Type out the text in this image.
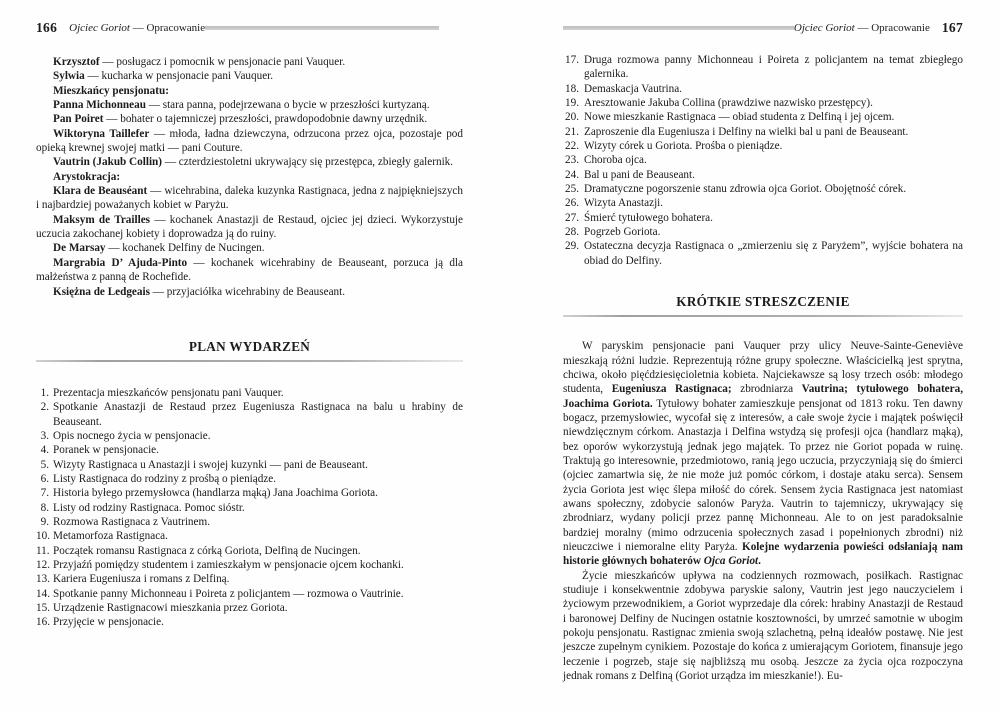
166 Ojciec Goriot — Opracowanie

Krzysztof — posługacz i pomocnik w pensjonacie pani Vauquer.

Sylwia — kucharka w pensjonacie pani Vauquer.

Mieszkańcy pensjonatu:

Panna Michonneau — stara panna, podejrzewana o bycie w przeszłości kurtyzaną.

Pan Poiret — bohater o tajemniczej przeszłości, prawdopodobnie dawny urzędnik.

Wiktoryna Taillefer — młoda, ładna dziewczyna, odrzucona przez ojca, pozostaje pod opieką krewnej swojej matki — pani Couture.

Vautrin (Jakub Collin) — czterdziestoletni ukrywający się przestępca, zbiegły galernik.

Arystokracja:

Klara de Beauséant — wicehrabina, daleka kuzynka Rastignaca, jedna z najpiękniejszych i najbardziej poważanych kobiet w Paryżu.

Maksym de Trailles — kochanek Anastazji de Restaud, ojciec jej dzieci. Wykorzystuje uczucia zakochanej kobiety i doprowadza ją do ruiny.

De Marsay — kochanek Delfiny de Nucingen.

Margrabia D’ Ajuda-Pinto — kochanek wicehrabiny de Beauseant, porzuca ją dla małżeństwa z panną de Rochefide.

Księżna de Ledgeais — przyjaciółka wicehrabiny de Beauseant.

PLAN WYDARZEŃ
1. Prezentacja mieszkańców pensjonatu pani Vauquer.
2. Spotkanie Anastazji de Restaud przez Eugeniusza Rastignaca na balu u hrabiny de Beauseant.
3. Opis nocnego życia w pensjonacie.
4. Poranek w pensjonacie.
5. Wizyty Rastignaca u Anastazji i swojej kuzynki — pani de Beauseant.
6. Listy Rastignaca do rodziny z prośbą o pieniądze.
7. Historia byłego przemysłowca (handlarza mąką) Jana Joachima Goriota.
8. Listy od rodziny Rastignaca. Pomoc sióstr.
9. Rozmowa Rastignaca z Vautrinem.
10. Metamorfoza Rastignaca.
11. Początek romansu Rastignaca z córką Goriota, Delfiną de Nucingen.
12. Przyjaźń pomiędzy studentem i zamieszkałym w pensjonacie ojcem kochanki.
13. Kariera Eugeniusza i romans z Delfiną.
14. Spotkanie panny Michonneau i Poireta z policjantem — rozmowa o Vautrinie.
15. Urządzenie Rastignacowi mieszkania przez Goriota.
16. Przyjęcie w pensjonacie.
Ojciec Goriot — Opracowanie 167
17. Druga rozmowa panny Michonneau i Poireta z policjantem na temat zbiegłego galernika.
18. Demaskacja Vautrina.
19. Aresztowanie Jakuba Collina (prawdziwe nazwisko przestępcy).
20. Nowe mieszkanie Rastignaca — obiad studenta z Delfiną i jej ojcem.
21. Zaproszenie dla Eugeniusza i Delfiny na wielki bal u pani de Beauseant.
22. Wizyty córek u Goriota. Prośba o pieniądze.
23. Choroba ojca.
24. Bal u pani de Beauseant.
25. Dramatyczne pogorszenie stanu zdrowia ojca Goriot. Obojętność córek.
26. Wizyta Anastazji.
27. Śmierć tytułowego bohatera.
28. Pogrzeb Goriota.
29. Ostateczna decyzja Rastignaca o „zmierzeniu się z Paryżem”, wyjście bohatera na obiad do Delfiny.
KRÓTKIE STRESZCZENIE

W paryskim pensjonacie pani Vauquer przy ulicy Neuve-Sainte-Geneviève mieszkają różni ludzie. Reprezentują różne grupy społeczne. Właścicielką jest sprytna, chciwa, około pięćdziesięcioletnia kobieta. Najciekawsze są losy trzech osób: młodego studenta, Eugeniusza Rastignaca; zbrodniarza Vautrina; tytułowego bohatera, Joachima Goriota. Tytułowy bohater zamieszkuje pensjonat od 1813 roku. Ten dawny bogacz, przemysłowiec, wycofał się z interesów, a całe swoje życie i majątek poświęcił niewdzięcznym córkom. Anastazja i Delfina wstydzą się profesji ojca (handlarz mąką), bez oporów wykorzystują jednak jego majątek. To przez nie Goriot popada w ruinę. Traktują go interesownie, przedmiotowo, ranią jego uczucia, przyczyniają się do śmierci (ojciec zamartwia się, że nie może już pomóc córkom, i dostaje ataku serca). Sensem życia Goriota jest więc ślepa miłość do córek. Sensem życia Rastignaca jest natomiast awans społeczny, zdobycie salonów Paryża. Vautrin to tajemniczy, ukrywający się zbrodniarz, wydany policji przez pannę Michonneau. Ale to on jest paradoksalnie bardziej moralny (mimo odrzucenia społecznych zasad i popełnionych zbrodni) niż nieuczciwe i niemoralne elity Paryża. Kolejne wydarzenia powieści odsłaniają nam historie głównych bohaterów Ojca Goriot.

Życie mieszkańców upływa na codziennych rozmowach, posiłkach. Rastignac studiuje i konsekwentnie zdobywa paryskie salony, Vautrin jest jego nauczycielem i życiowym przewodnikiem, a Goriot wyprzedaje dla córek: hrabiny Anastazji de Restaud i baronowej Delfiny de Nucingen ostatnie kosztowności, by umrzeć samotnie w ubogim pokoju pensjonatu. Rastignac zmienia swoją szlachetną, pełną ideałów postawę. Nie jest jeszcze zupełnym cynikiem. Pozostaje do końca z umierającym Goriotem, finansuje jego leczenie i pogrzeb, staje się najbliższą mu osobą. Jeszcze za życia ojca rozpoczyna jednak romans z Delfiną (Goriot urządza im mieszkanie!). Eu-
